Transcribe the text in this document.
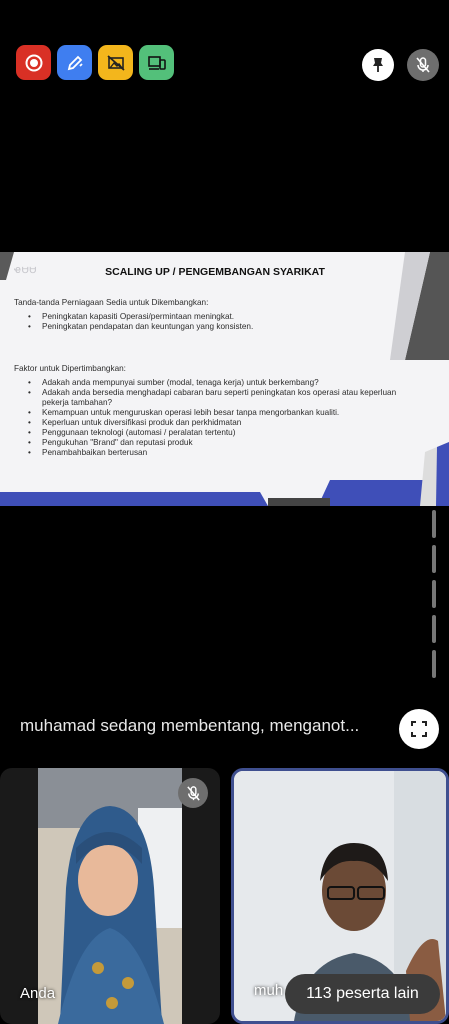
Ҽᗨᗨ	SCALING UP / PENGEMBANGAN SYARIKAT
Tanda-tanda Perniagaan Sedia untuk Dikembangkan:
• Peningkatan kapasiti Operasi/permintaan meningkat.
• Peningkatan pendapatan dan keuntungan yang konsisten.
Faktor untuk Dipertimbangkan:
• Adakah anda mempunyai sumber (modal, tenaga kerja) untuk berkembang?
• Adakah anda bersedia menghadapi cabaran baru seperti peningkatan kos operasi atau keperluan pekerja tambahan?
• Kemampuan untuk menguruskan operasi lebih besar tanpa mengorbankan kualiti.
• Keperluan untuk diversifikasi produk dan perkhidmatan
• Penggunaan teknologi (automasi / peralatan tertentu)
• Pengukuhan "Brand" dan reputasi produk
• Penambahbaikan berterusan
muhamad sedang membentang, menganot...
Anda	muh	113 peserta lain
